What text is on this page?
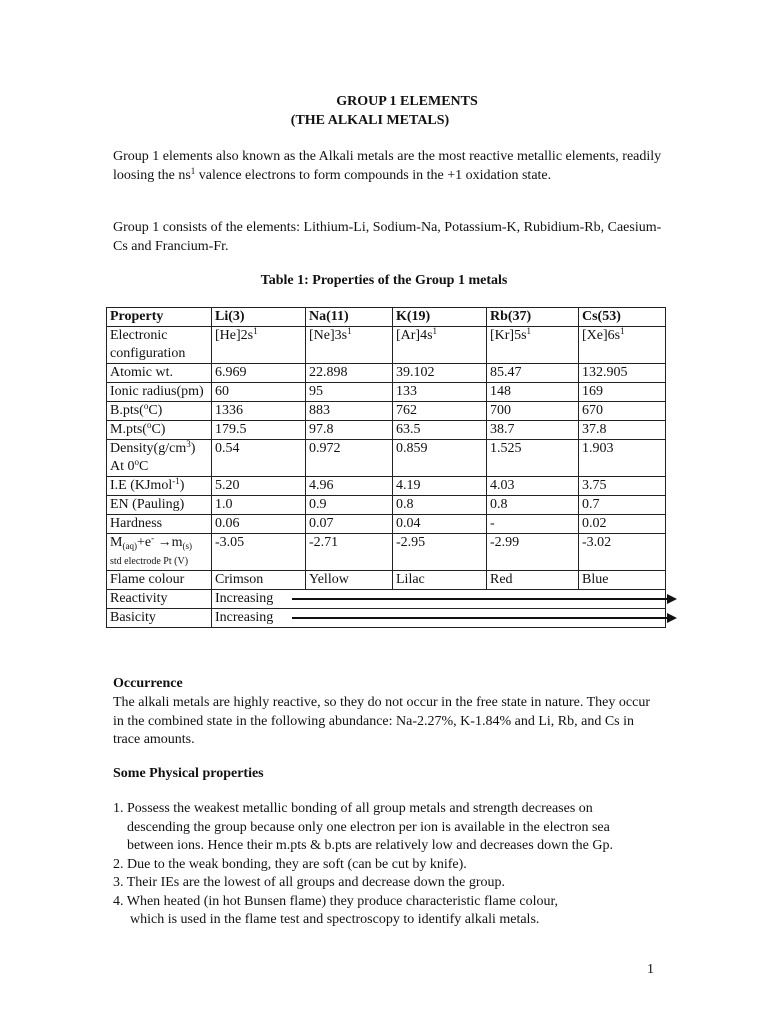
GROUP 1 ELEMENTS
(THE ALKALI METALS)
Group 1 elements also known as the Alkali metals are the most reactive metallic elements, readily loosing the $ns^1$ valence electrons to form compounds in the +1 oxidation state.
Group 1 consists of the elements: Lithium-Li, Sodium-Na, Potassium-K, Rubidium-Rb, Caesium-Cs and Francium-Fr.
Table 1: Properties of the Group 1 metals
Property	Li(3)	Na(11)	K(19)	Rb(37)	Cs(53)
Electronic configuration	$[He]2s^1$	$[Ne]3s^1$	$[Ar]4s^1$	$[Kr]5s^1$	$[Xe]6s^1$
Atomic wt.	6.969	22.898	39.102	85.47	132.905
Ionic radius(pm)	60	95	133	148	169
B.pts($^o$C)	1336	883	762	700	670
M.pts($^o$C)	179.5	97.8	63.5	38.7	37.8
$Density(g/cm^3)$
At 0$^o$C	0.54	0.972	0.859	1.525	1.903
I.E (KJmol$^{-1}$)	5.20	4.96	4.19	4.03	3.75
EN (Pauling)	1.0	0.9	0.8	0.8	0.7
Hardness	0.06	0.07	0.04	-	0.02
$M_{(aq)}+e^- \to m_{(s)}$
std electrode Pt (V)	-3.05	-2.71	-2.95	-2.99	-3.02
Flame colour	Crimson	Yellow	Lilac	Red	Blue
Reactivity	Increasing				

Basicity	Increasing				
Occurrence
The alkali metals are highly reactive, so they do not occur in the free state in nature. They occur in the combined state in the following abundance: Na-2.27%, K-1.84% and Li, Rb, and Cs in trace amounts.
Some Physical properties
1. Possess the weakest metallic bonding of all group metals and strength decreases on
descending the group because only one electron per ion is available in the electron sea
between ions. Hence their m.pts & b.pts are relatively low and decreases down the Gp.
2. Due to the weak bonding, they are soft (can be cut by knife).
3. Their IEs are the lowest of all groups and decrease down the group.
4. When heated (in hot Bunsen flame) they produce characteristic flame colour,
which is used in the flame test and spectroscopy to identify alkali metals.
1
